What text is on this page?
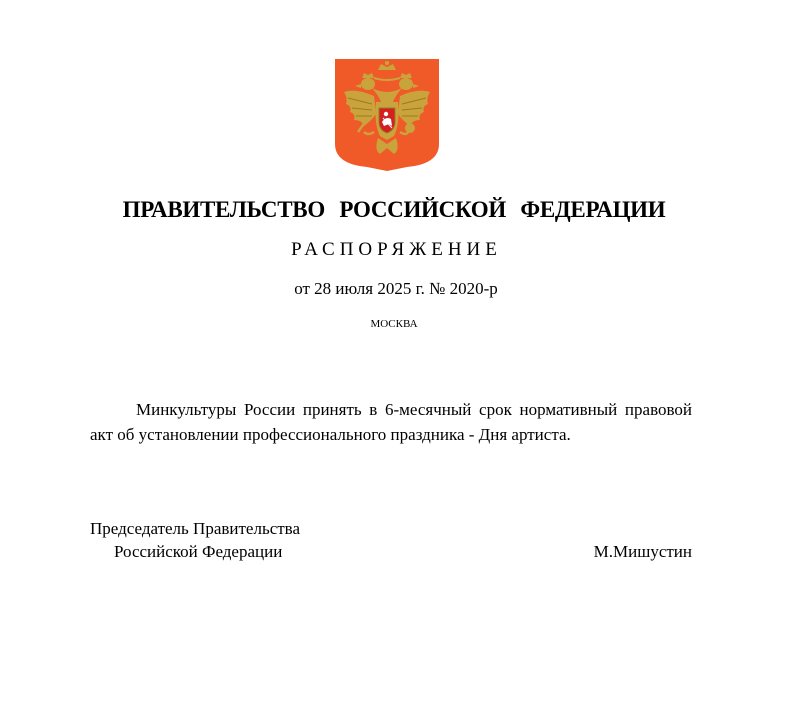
ПРАВИТЕЛЬСТВО РОССИЙСКОЙ ФЕДЕРАЦИИ
РАСПОРЯЖЕНИЕ
от 28 июля 2025 г. № 2020-р
МОСКВА

Минкультуры России принять в 6-месячный срок нормативный правовой акт об установлении профессионального праздника - Дня артиста.

Председатель Правительства
Российской Федерации	М.Мишустин
